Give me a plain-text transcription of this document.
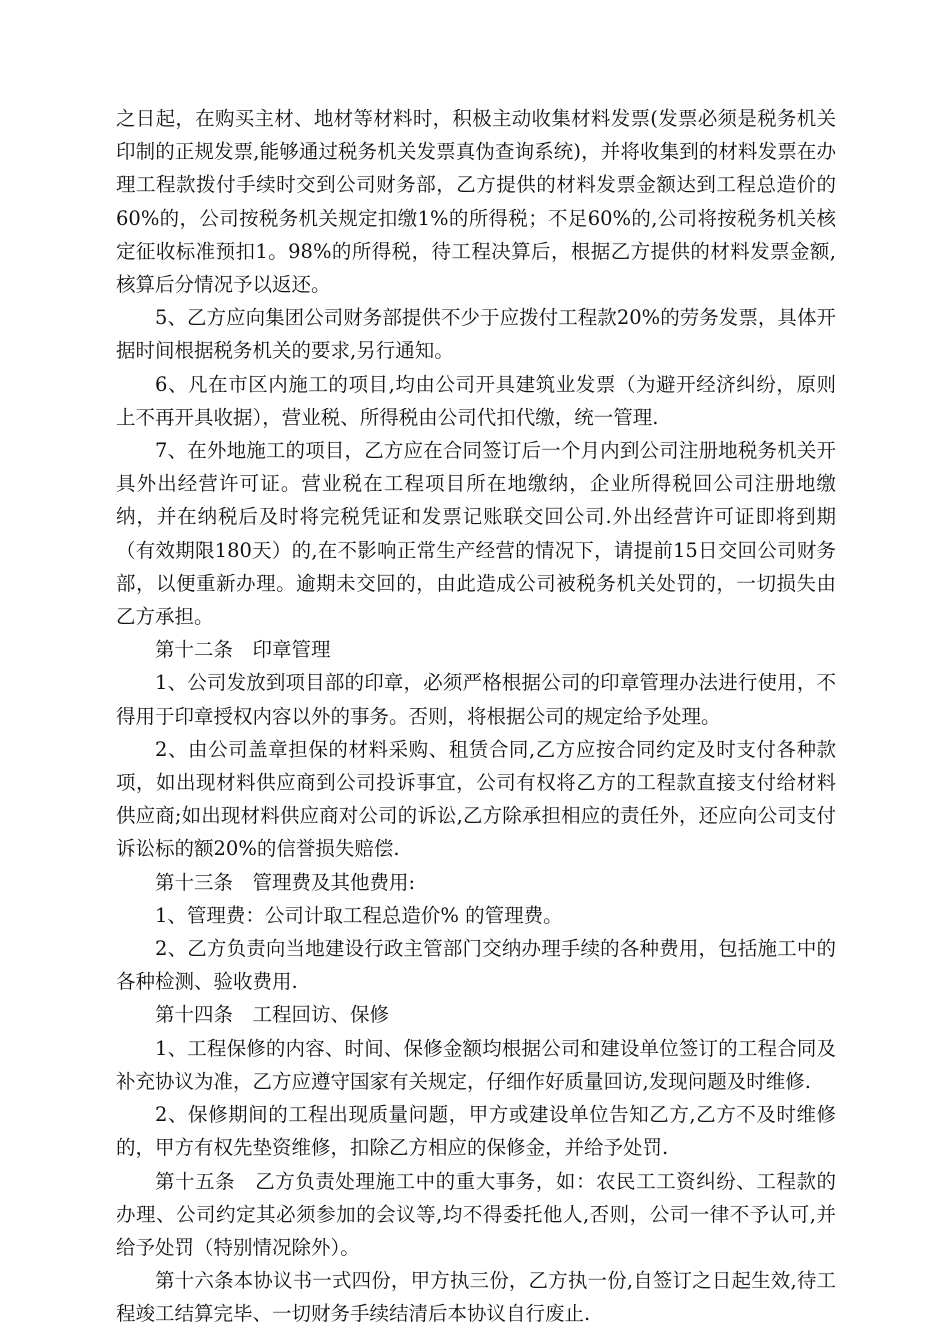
之日起，在购买主材、地材等材料时，积极主动收集材料发票(发票必须是税务机关印制的正规发票,能够通过税务机关发票真伪查询系统)，并将收集到的材料发票在办理工程款拨付手续时交到公司财务部，乙方提供的材料发票金额达到工程总造价的60%的，公司按税务机关规定扣缴1%的所得税；不足60%的,公司将按税务机关核定征收标准预扣1。98%的所得税，待工程决算后，根据乙方提供的材料发票金额,核算后分情况予以返还。

5、乙方应向集团公司财务部提供不少于应拨付工程款20%的劳务发票，具体开据时间根据税务机关的要求,另行通知。

6、凡在市区内施工的项目,均由公司开具建筑业发票（为避开经济纠纷，原则上不再开具收据），营业税、所得税由公司代扣代缴，统一管理.

7、在外地施工的项目，乙方应在合同签订后一个月内到公司注册地税务机关开具外出经营许可证。营业税在工程项目所在地缴纳，企业所得税回公司注册地缴纳，并在纳税后及时将完税凭证和发票记账联交回公司.外出经营许可证即将到期（有效期限180天）的,在不影响正常生产经营的情况下，请提前15日交回公司财务部，以便重新办理。逾期未交回的，由此造成公司被税务机关处罚的，一切损失由乙方承担。

第十二条　印章管理

1、公司发放到项目部的印章，必须严格根据公司的印章管理办法进行使用，不得用于印章授权内容以外的事务。否则，将根据公司的规定给予处理。

2、由公司盖章担保的材料采购、租赁合同,乙方应按合同约定及时支付各种款项，如出现材料供应商到公司投诉事宜，公司有权将乙方的工程款直接支付给材料供应商;如出现材料供应商对公司的诉讼,乙方除承担相应的责任外，还应向公司支付诉讼标的额20%的信誉损失赔偿.

第十三条　管理费及其他费用:

1、管理费：公司计取工程总造价% 的管理费。

2、乙方负责向当地建设行政主管部门交纳办理手续的各种费用，包括施工中的各种检测、验收费用.

第十四条　工程回访、保修

1、工程保修的内容、时间、保修金额均根据公司和建设单位签订的工程合同及补充协议为准，乙方应遵守国家有关规定，仔细作好质量回访,发现问题及时维修.

2、保修期间的工程出现质量问题，甲方或建设单位告知乙方,乙方不及时维修的，甲方有权先垫资维修，扣除乙方相应的保修金，并给予处罚.

第十五条　乙方负责处理施工中的重大事务，如：农民工工资纠纷、工程款的办理、公司约定其必须参加的会议等,均不得委托他人,否则，公司一律不予认可,并给予处罚（特别情况除外）。

第十六条本协议书一式四份，甲方执三份，乙方执一份,自签订之日起生效,待工程竣工结算完毕、一切财务手续结清后本协议自行废止.
